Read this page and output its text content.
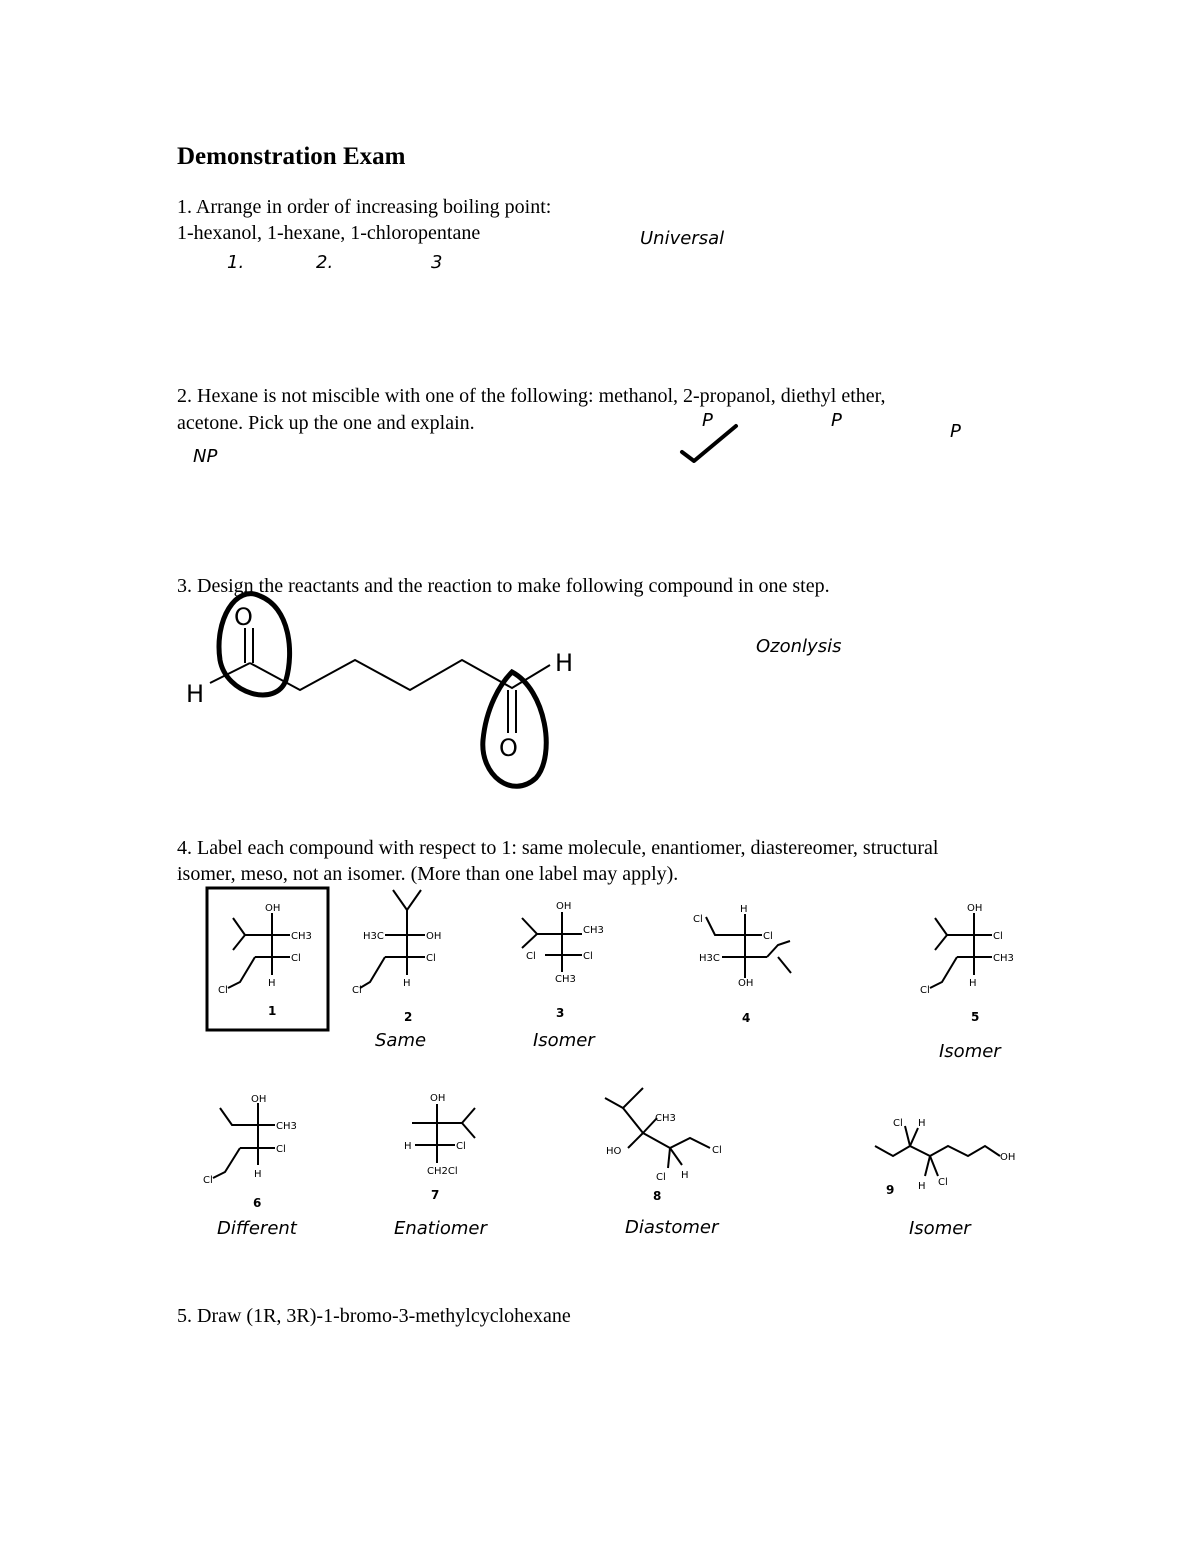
Demonstration Exam
1. Arrange in order of increasing boiling point:
1-hexanol, 1-hexane, 1-chloropentane	Universal
1.	2.	3
2. Hexane is not miscible with one of the following: methanol, 2-propanol, diethyl ether,
acetone. Pick up the one and explain.
NP
P	P
P
3. Design the reactants and the reaction to make following compound in one step.
Ozonlysis
4. Label each compound with respect to 1: same molecule, enantiomer, diastereomer, structural
isomer, meso, not an isomer. (More than one label may apply).
Same	Isomer
Isomer
Different	Enatiomer	Diastomer	Isomer
5. Draw (1R, 3R)-1-bromo-3-methylcyclohexane
O
H
H
O
OH
CH3
Cl
H
Cl
1
H3C	OH
Cl
H
Cl
2
OH
CH3
Cl	Cl
CH3
3
H
Cl
Cl
H3C
OH
4
OH
Cl
CH3
H
Cl
5
OH
CH3
Cl
H
Cl
6
OH
H	Cl
CH2Cl
7
CH3
HO	Cl
Cl H
8
Cl H
OH
H Cl
9
